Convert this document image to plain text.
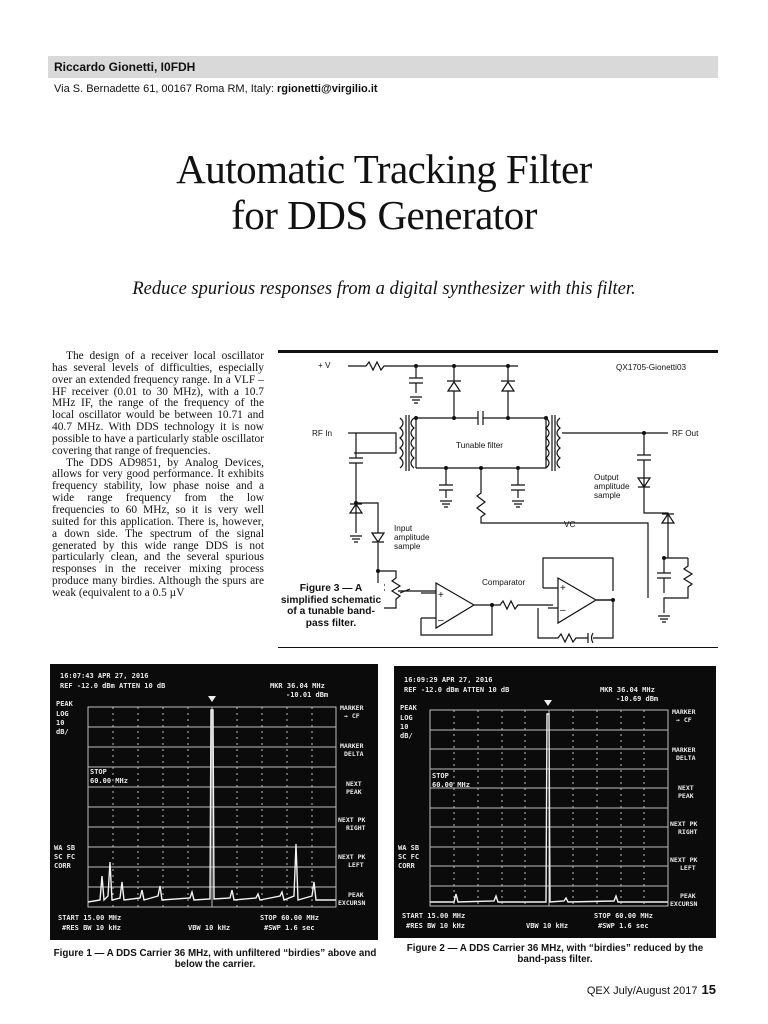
Riccardo Gionetti, I0FDH
Via S. Bernadette 61, 00167 Roma RM, Italy: rgionetti@virgilio.it
Automatic Tracking Filter
for DDS Generator
Reduce spurious responses from a digital synthesizer with this filter.

The design of a receiver local oscillator has several levels of difficulties, especially over an extended frequency range. In a VLF – HF receiver (0.01 to 30 MHz), with a 10.7 MHz IF, the range of the frequency of the local oscillator would be between 10.71 and 40.7 MHz. With DDS technology it is now possible to have a particularly stable oscillator covering that range of frequencies.

The DDS AD9851, by Analog Devices, allows for very good performance. It exhibits frequency stability, low phase noise and a wide range frequency from the low frequencies to 60 MHz, so it is very well suited for this application. There is, however, a down side. The spectrum of the signal generated by this wide range DDS is not particularly clean, and the several spurious responses in the receiver mixing process produce many birdies. Although the spurs are weak (equivalent to a 0.5 µV

+ V	QX1705-Gionetti03
RF In	RF Out
Tunable filter
Output
amplitude
sample
Input
amplitude
sample
VC
Comparator
+
–
+
–
Figure 3 — A simplified schematic of a tunable band-pass filter.
16:07:43 APR 27, 2016
REF -12.0 dBm ATTEN 10 dB	MKR 36.04 MHz
-10.01 dBm
PEAK
LOG
10
dB/
STOP
60.00 MHz
WA SB
SC FC
CORR
START 15.00 MHz
#RES BW 10 kHz	VBW 10 kHz
STOP 60.00 MHz
#SWP 1.6 sec
MARKER
→ CF
MARKER
DELTA
NEXT
PEAK
NEXT PK
RIGHT
NEXT PK
LEFT
PEAK
EXCURSN
16:09:29 APR 27, 2016
REF -12.0 dBm ATTEN 10 dB	MKR 36.04 MHz
-10.69 dBm
PEAK
LOG
10
dB/
STOP
60.00 MHz
WA SB
SC FC
CORR
START 15.00 MHz
#RES BW 10 kHz	VBW 10 kHz
STOP 60.00 MHz
#SWP 1.6 sec
MARKER
→ CF
MARKER
DELTA
NEXT
PEAK
NEXT PK
RIGHT
NEXT PK
LEFT
PEAK
EXCURSN
Figure 1 — A DDS Carrier 36 MHz, with unfiltered “birdies” above and below the carrier.
Figure 2 — A DDS Carrier 36 MHz, with “birdies” reduced by the band-pass filter.
QEX July/August 2017 15
